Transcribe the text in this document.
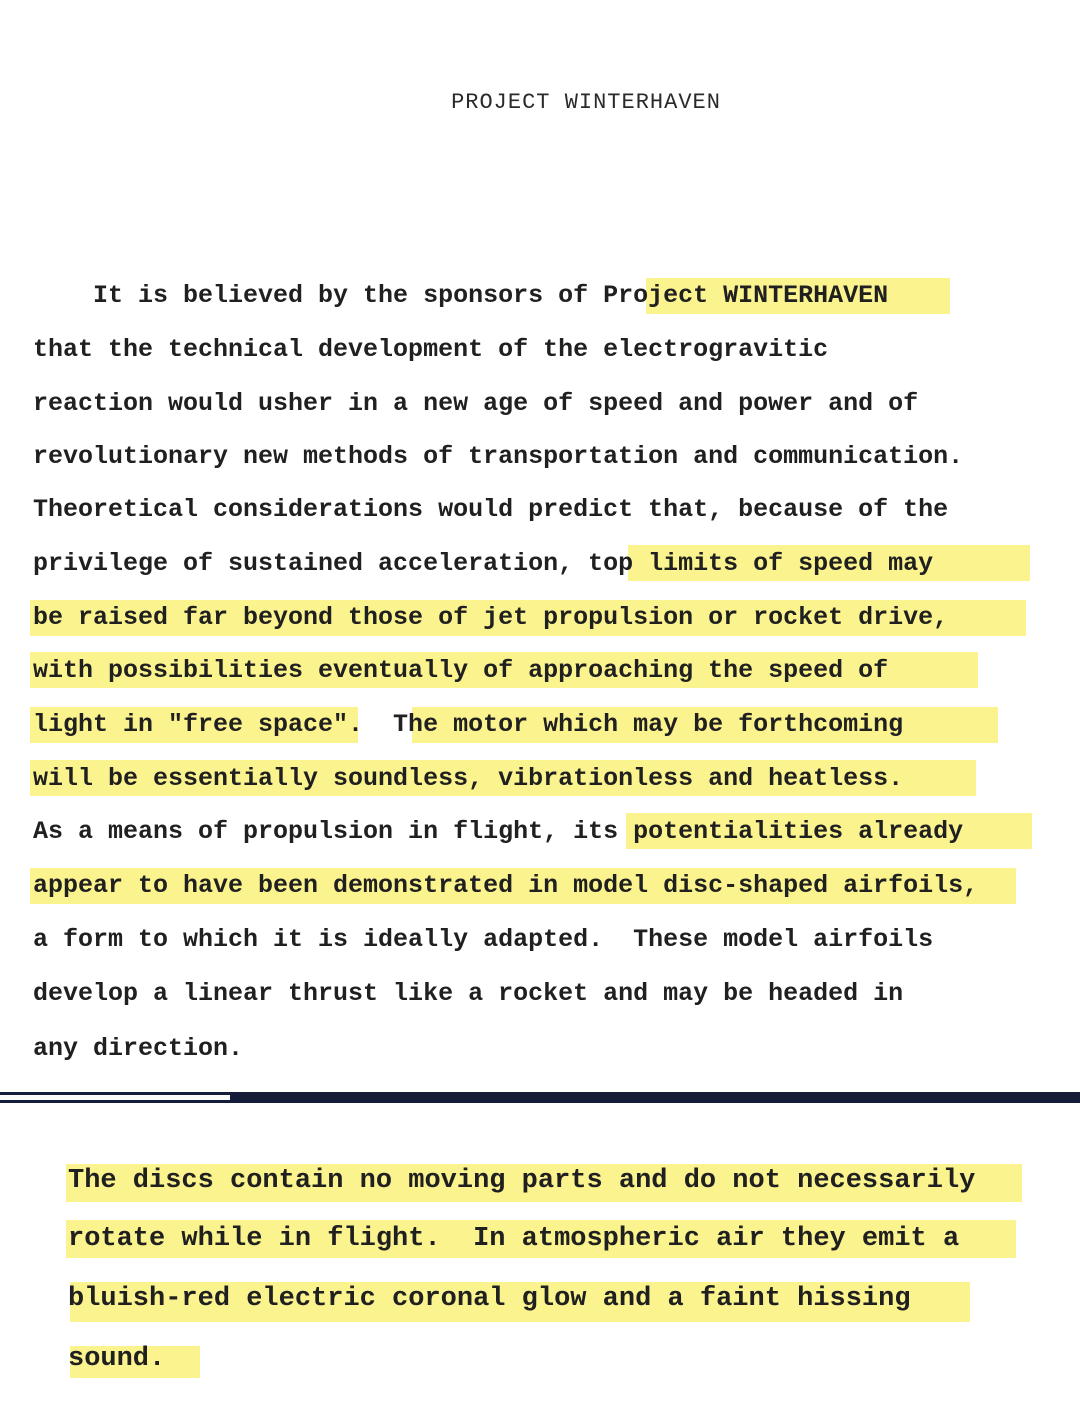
PROJECT WINTERHAVEN
It is believed by the sponsors of Project WINTERHAVEN
that the technical development of the electrogravitic
reaction would usher in a new age of speed and power and of
revolutionary new methods of transportation and communication.
Theoretical considerations would predict that, because of the
privilege of sustained acceleration, top limits of speed may
be raised far beyond those of jet propulsion or rocket drive,
with possibilities eventually of approaching the speed of
light in "free space".  The motor which may be forthcoming
will be essentially soundless, vibrationless and heatless.
As a means of propulsion in flight, its potentialities already
appear to have been demonstrated in model disc-shaped airfoils,
a form to which it is ideally adapted.  These model airfoils
develop a linear thrust like a rocket and may be headed in
any direction.
The discs contain no moving parts and do not necessarily
rotate while in flight.  In atmospheric air they emit a
bluish-red electric coronal glow and a faint hissing
sound.
